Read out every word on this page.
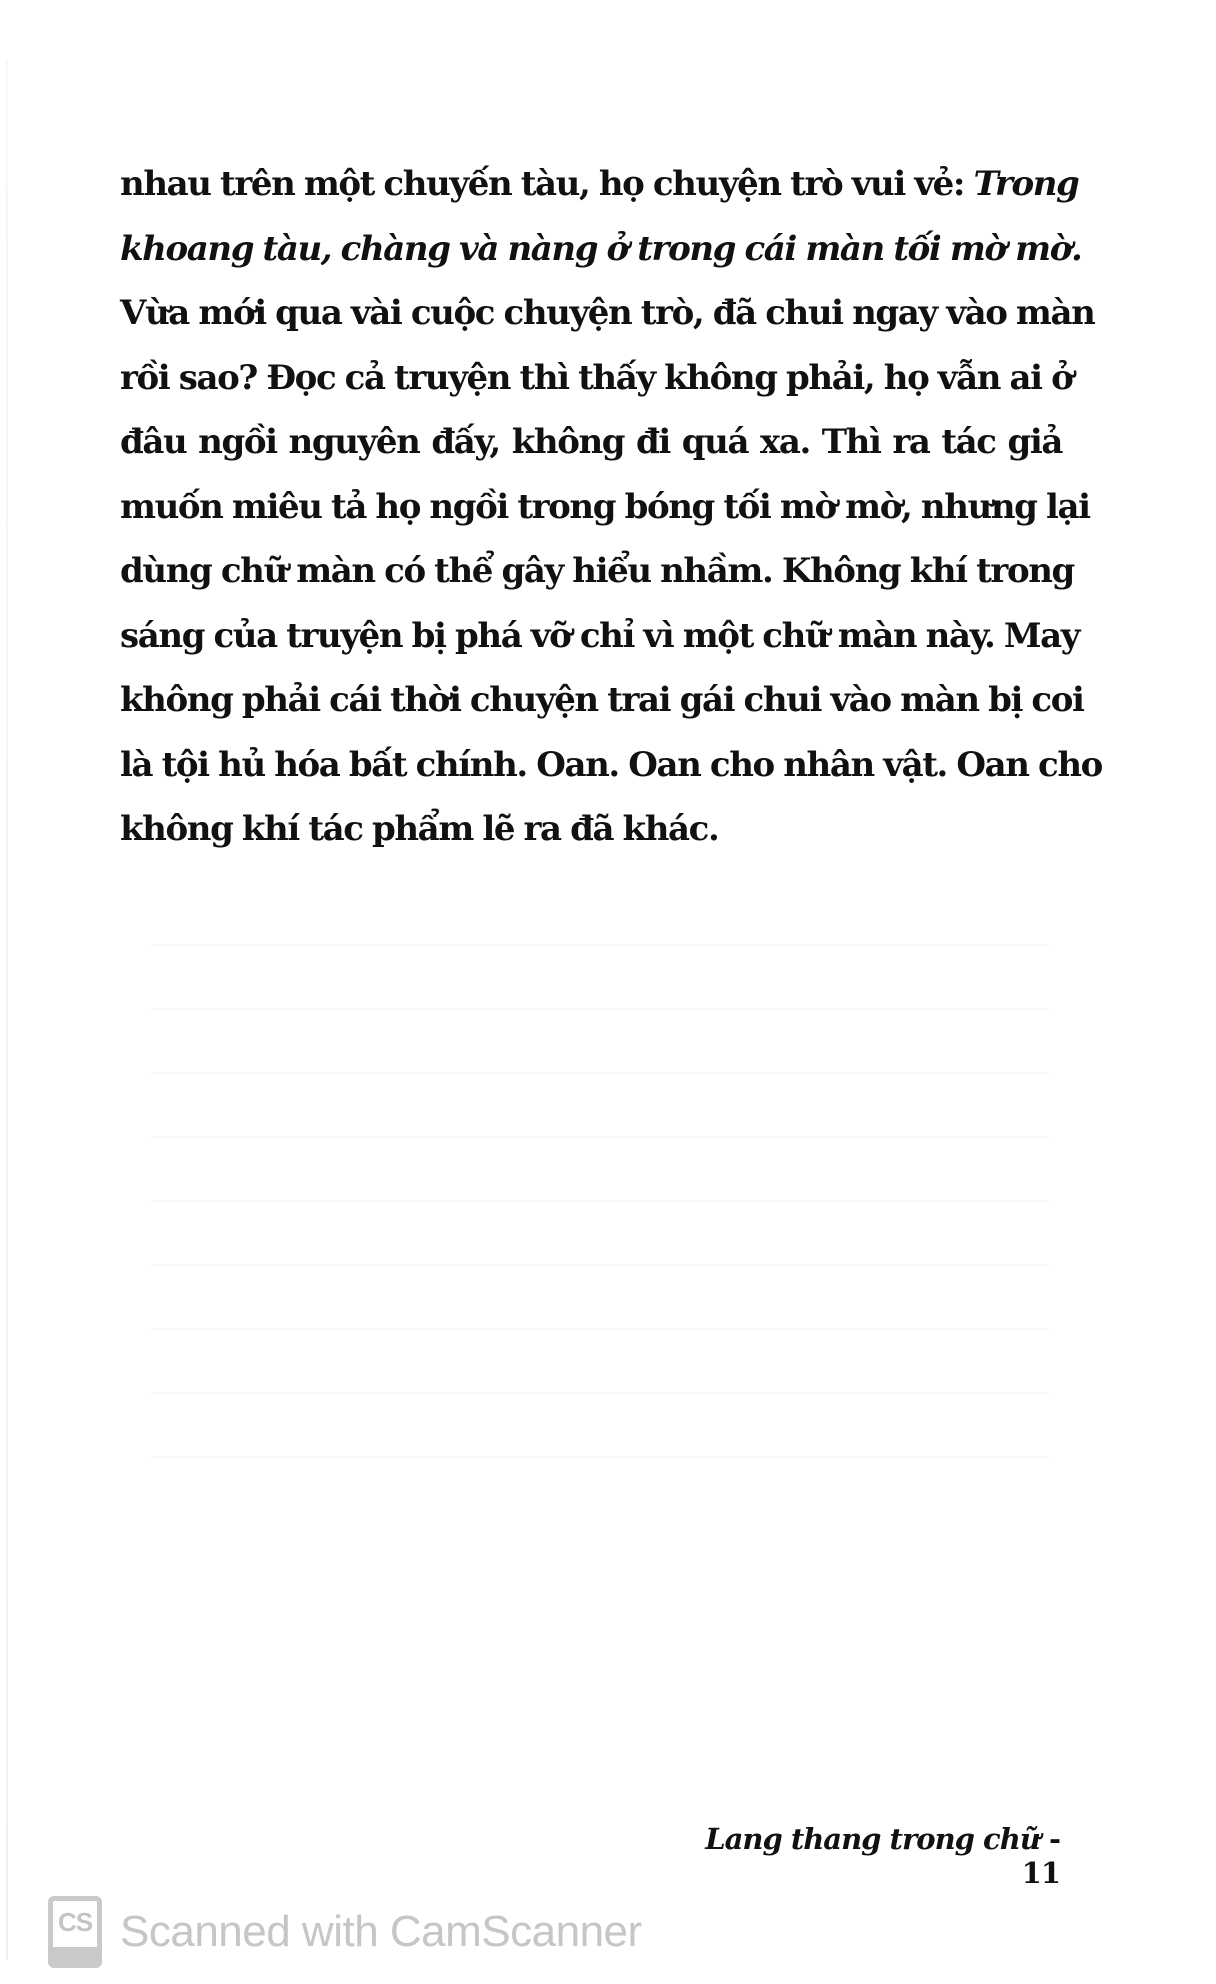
nhau trên một chuyến tàu, họ chuyện trò vui vẻ: Trong
khoang tàu, chàng và nàng ở trong cái màn tối mờ mờ.
Vừa mới qua vài cuộc chuyện trò, đã chui ngay vào màn
rồi sao? Đọc cả truyện thì thấy không phải, họ vẫn ai ở
đâu ngồi nguyên đấy, không đi quá xa. Thì ra tác giả
muốn miêu tả họ ngồi trong bóng tối mờ mờ, nhưng lại
dùng chữ màn có thể gây hiểu nhầm. Không khí trong
sáng của truyện bị phá vỡ chỉ vì một chữ màn này. May
không phải cái thời chuyện trai gái chui vào màn bị coi
là tội hủ hóa bất chính. Oan. Oan cho nhân vật. Oan cho
không khí tác phẩm lẽ ra đã khác.
Lang thang trong chữ - 11
CS Scanned with CamScanner
